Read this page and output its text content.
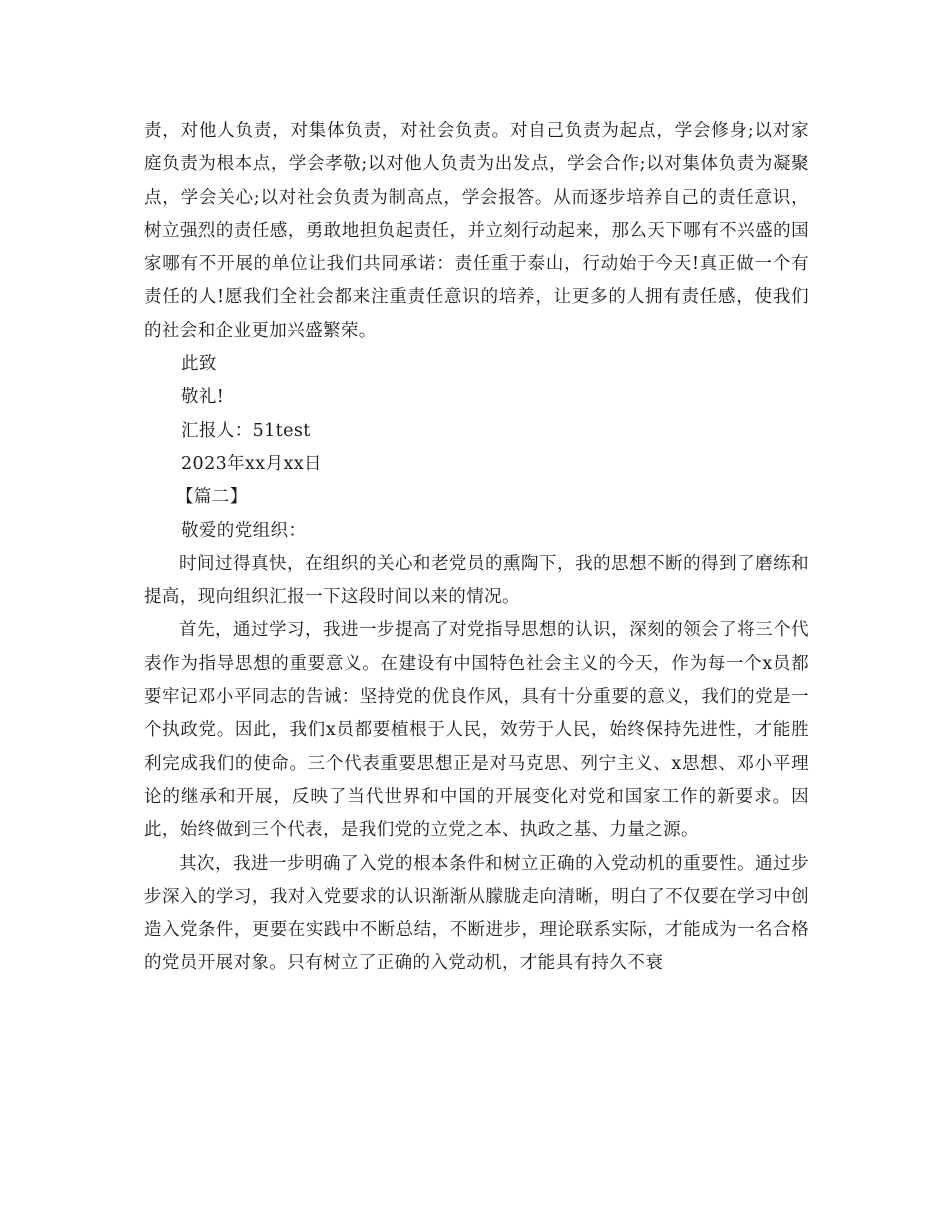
责，对他人负责，对集体负责，对社会负责。对自己负责为起点，学会修身;以对家庭负责为根本点，学会孝敬;以对他人负责为出发点，学会合作;以对集体负责为凝聚点，学会关心;以对社会负责为制高点，学会报答。从而逐步培养自己的责任意识，树立强烈的责任感，勇敢地担负起责任，并立刻行动起来，那么天下哪有不兴盛的国家哪有不开展的单位让我们共同承诺：责任重于泰山，行动始于今天!真正做一个有责任的人!愿我们全社会都来注重责任意识的培养，让更多的人拥有责任感，使我们的社会和企业更加兴盛繁荣。

此致

敬礼!

汇报人：51test

2023年xx月xx日

【篇二】

敬爱的党组织：

时间过得真快，在组织的关心和老党员的熏陶下，我的思想不断的得到了磨练和提高，现向组织汇报一下这段时间以来的情况。

首先，通过学习，我进一步提高了对党指导思想的认识，深刻的领会了将三个代表作为指导思想的重要意义。在建设有中国特色社会主义的今天，作为每一个x员都要牢记邓小平同志的告诫：坚持党的优良作风，具有十分重要的意义，我们的党是一个执政党。因此，我们x员都要植根于人民，效劳于人民，始终保持先进性，才能胜利完成我们的使命。三个代表重要思想正是对马克思、列宁主义、x思想、邓小平理论的继承和开展，反映了当代世界和中国的开展变化对党和国家工作的新要求。因此，始终做到三个代表，是我们党的立党之本、执政之基、力量之源。

其次，我进一步明确了入党的根本条件和树立正确的入党动机的重要性。通过步步深入的学习，我对入党要求的认识渐渐从朦胧走向清晰，明白了不仅要在学习中创造入党条件，更要在实践中不断总结，不断进步，理论联系实际，才能成为一名合格的党员开展对象。只有树立了正确的入党动机，才能具有持久不衰
